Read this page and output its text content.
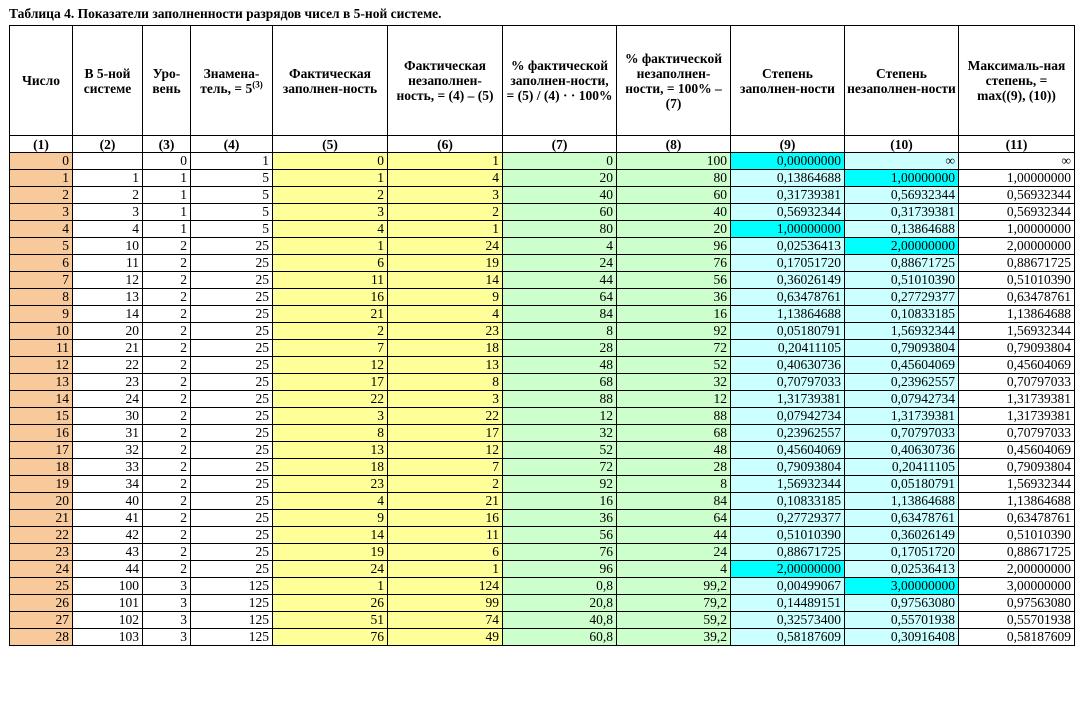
Таблица 4. Показатели заполненности разрядов чисел в 5-ной системе.
Число	В 5-ной системе	Уро-вень	Знамена-тель, = $5^{(3)}$	Фактическая заполнен-ность	Фактическая незаполнен-ность, = (4) – (5)	% фактической заполнен-ности, = (5) / (4) · · 100%	% фактической незаполнен-ности, = 100% – (7)	Степень заполнен-ности	Степень незаполнен-ности	Максималь-ная степень, = max((9), (10))
(1)	(2)	(3)	(4)	(5)	(6)	(7)	(8)	(9)	(10)	(11)
0		0	1	0	1	0	100	0,00000000	∞	∞
1	1	1	5	1	4	20	80	0,13864688	1,00000000	1,00000000
2	2	1	5	2	3	40	60	0,31739381	0,56932344	0,56932344
3	3	1	5	3	2	60	40	0,56932344	0,31739381	0,56932344
4	4	1	5	4	1	80	20	1,00000000	0,13864688	1,00000000
5	10	2	25	1	24	4	96	0,02536413	2,00000000	2,00000000
6	11	2	25	6	19	24	76	0,17051720	0,88671725	0,88671725
7	12	2	25	11	14	44	56	0,36026149	0,51010390	0,51010390
8	13	2	25	16	9	64	36	0,63478761	0,27729377	0,63478761
9	14	2	25	21	4	84	16	1,13864688	0,10833185	1,13864688
10	20	2	25	2	23	8	92	0,05180791	1,56932344	1,56932344
11	21	2	25	7	18	28	72	0,20411105	0,79093804	0,79093804
12	22	2	25	12	13	48	52	0,40630736	0,45604069	0,45604069
13	23	2	25	17	8	68	32	0,70797033	0,23962557	0,70797033
14	24	2	25	22	3	88	12	1,31739381	0,07942734	1,31739381
15	30	2	25	3	22	12	88	0,07942734	1,31739381	1,31739381
16	31	2	25	8	17	32	68	0,23962557	0,70797033	0,70797033
17	32	2	25	13	12	52	48	0,45604069	0,40630736	0,45604069
18	33	2	25	18	7	72	28	0,79093804	0,20411105	0,79093804
19	34	2	25	23	2	92	8	1,56932344	0,05180791	1,56932344
20	40	2	25	4	21	16	84	0,10833185	1,13864688	1,13864688
21	41	2	25	9	16	36	64	0,27729377	0,63478761	0,63478761
22	42	2	25	14	11	56	44	0,51010390	0,36026149	0,51010390
23	43	2	25	19	6	76	24	0,88671725	0,17051720	0,88671725
24	44	2	25	24	1	96	4	2,00000000	0,02536413	2,00000000
25	100	3	125	1	124	0,8	99,2	0,00499067	3,00000000	3,00000000
26	101	3	125	26	99	20,8	79,2	0,14489151	0,97563080	0,97563080
27	102	3	125	51	74	40,8	59,2	0,32573400	0,55701938	0,55701938
28	103	3	125	76	49	60,8	39,2	0,58187609	0,30916408	0,58187609
